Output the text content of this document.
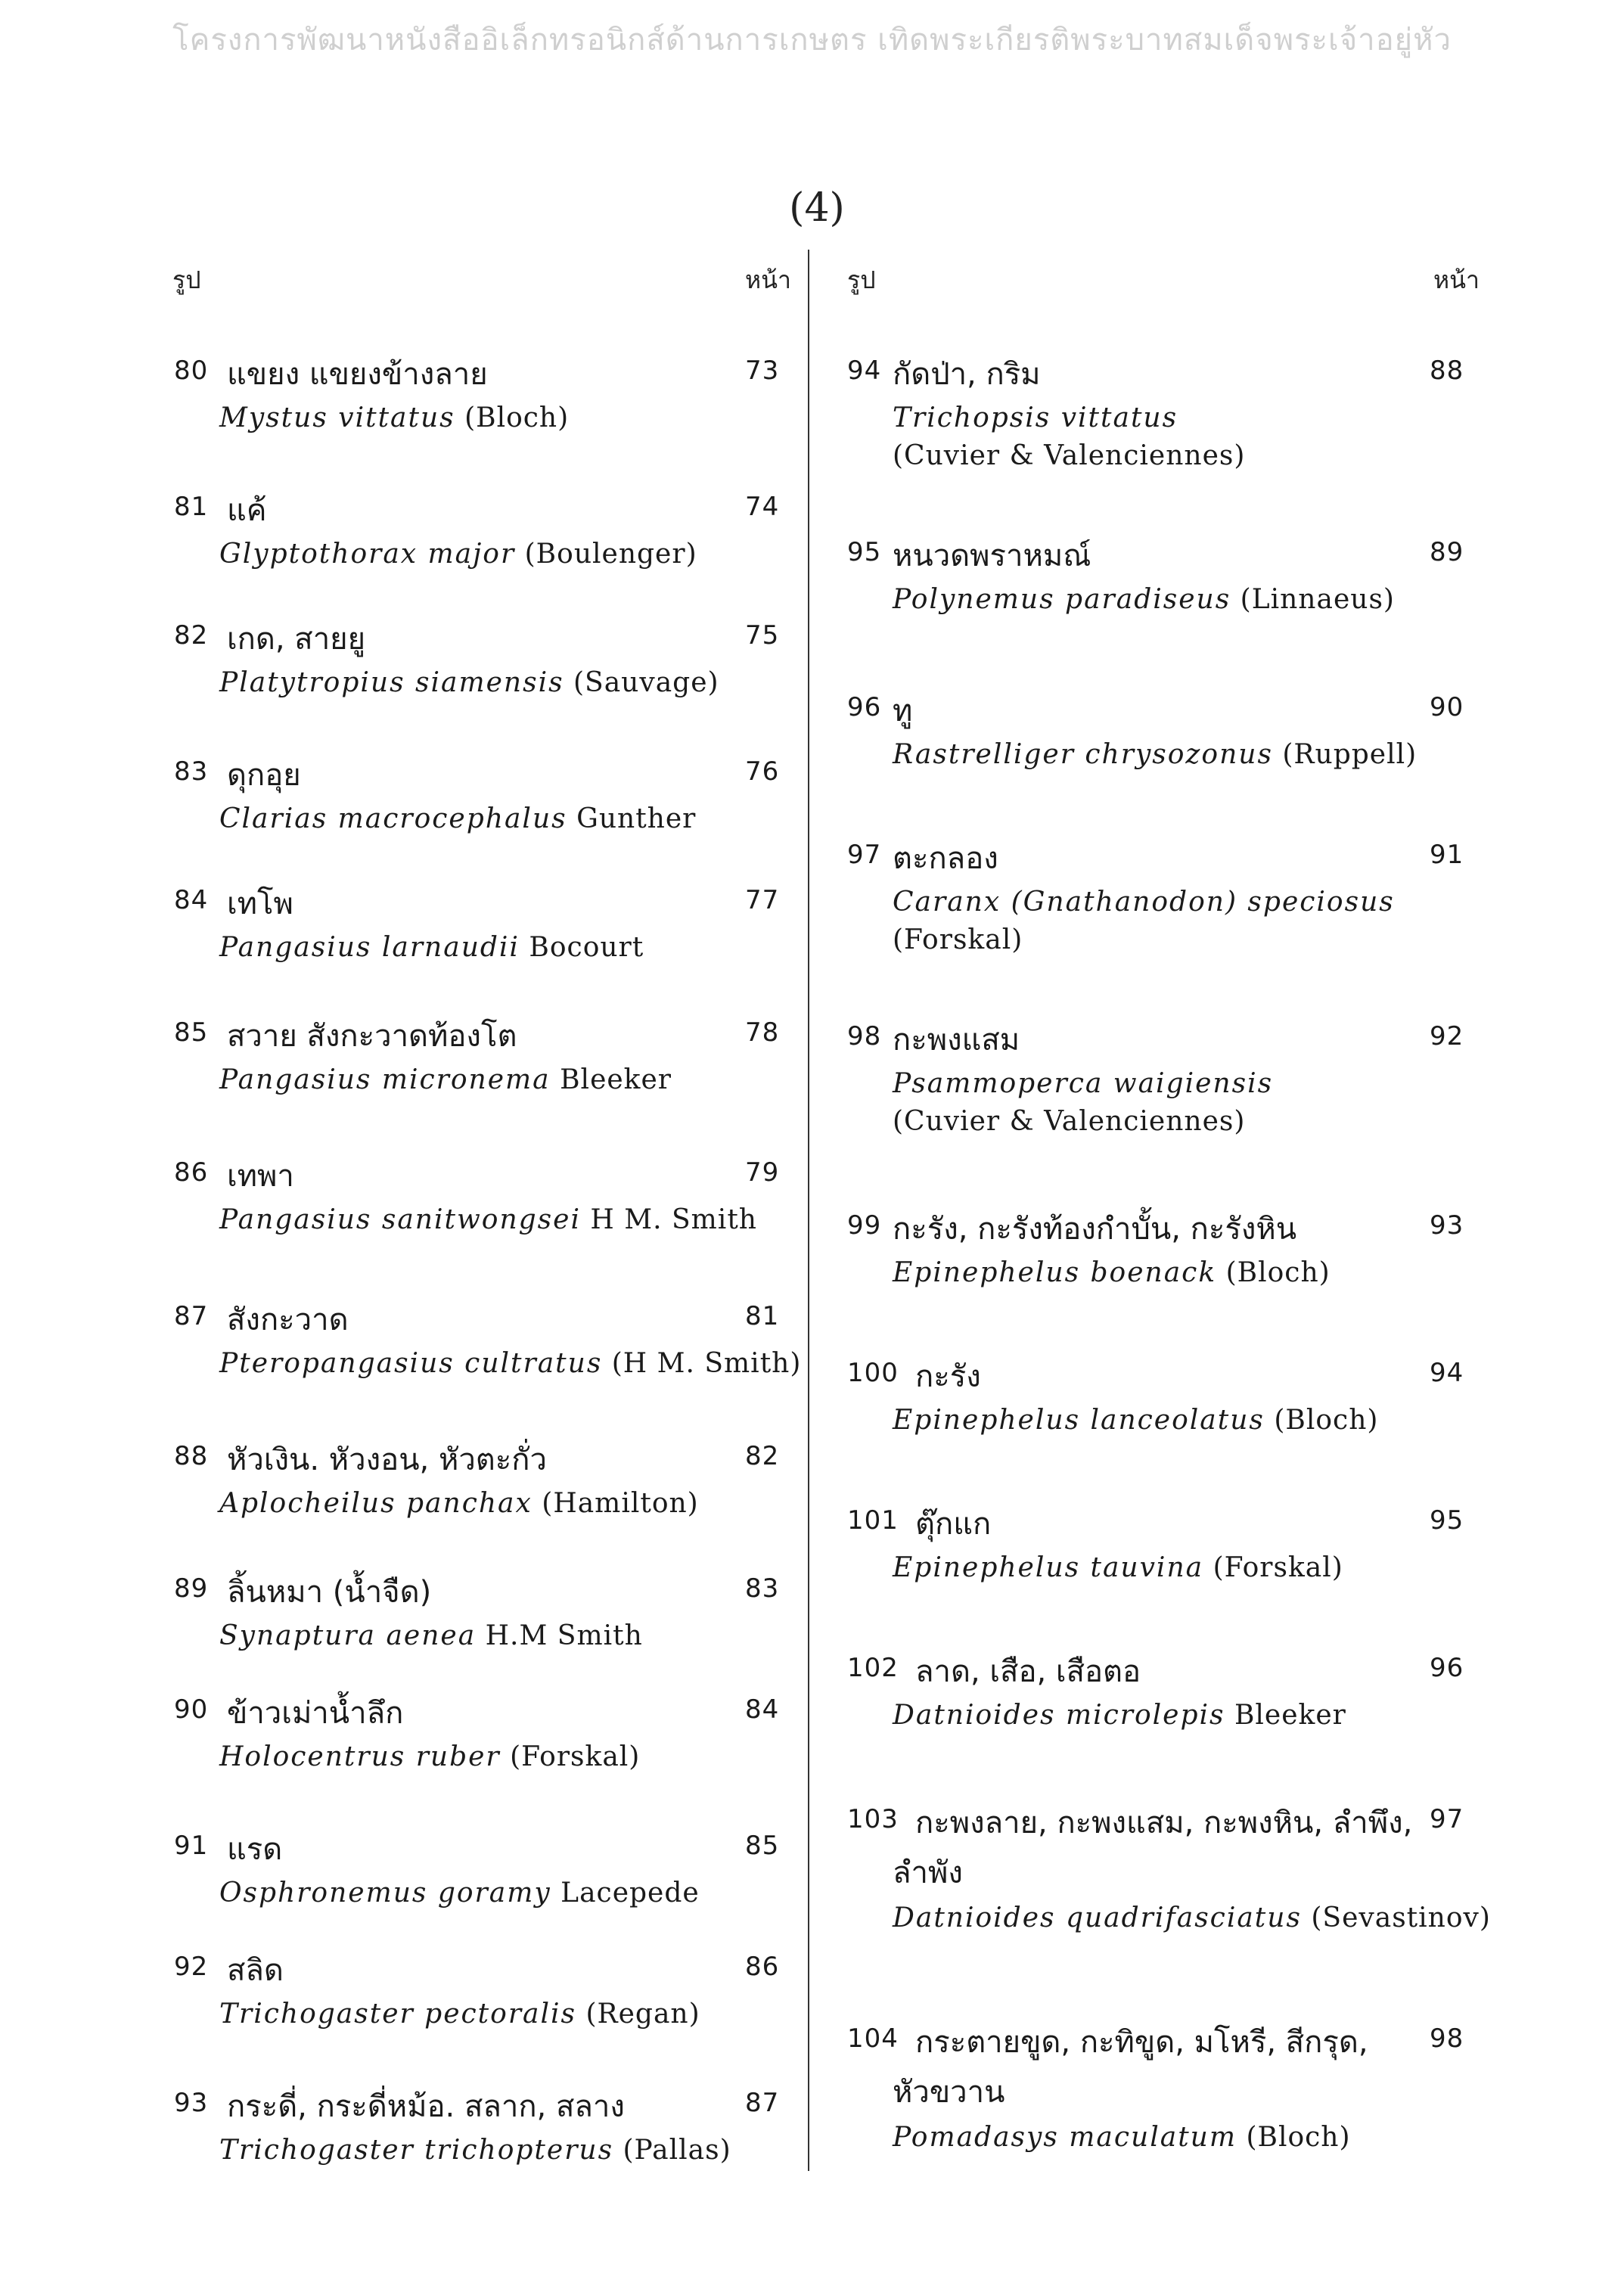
โครงการพัฒนาหนังสืออิเล็กทรอนิกส์ด้านการเกษตร เทิดพระเกียรติพระบาทสมเด็จพระเจ้าอยู่หัว
(4)
รูป	หน้า รูป	หน้า
80 แขยง แขยงข้างลาย	73
Mystus vittatus (Bloch)
81 แค้	74
Glyptothorax major (Boulenger)
82 เกด, สายยู	75
Platytropius siamensis (Sauvage)
83 ดุกอุย	76
Clarias macrocephalus Gunther
84 เทโพ	77
Pangasius larnaudii Bocourt
85 สวาย สังกะวาดท้องโต	78
Pangasius micronema Bleeker
86 เทพา	79
Pangasius sanitwongsei H M. Smith
87 สังกะวาด	81
Pteropangasius cultratus (H M. Smith)
88 หัวเงิน. หัวงอน, หัวตะกั่ว	82
Aplocheilus panchax (Hamilton)
89 ลิ้นหมา (น้ำจืด)	83
Synaptura aenea H.M Smith
90 ข้าวเม่าน้ำลึก	84
Holocentrus ruber (Forskal)
91 แรด	85
Osphronemus goramy Lacepede
92 สลิด	86
Trichogaster pectoralis (Regan)
93 กระดี่, กระดี่หม้อ. สลาก, สลาง	87
Trichogaster trichopterus (Pallas)
94 กัดป่า, กริม	88
Trichopsis vittatus
(Cuvier & Valenciennes)
95 หนวดพราหมณ์	89
Polynemus paradiseus (Linnaeus)
96 ทู	90
Rastrelliger chrysozonus (Ruppell)
97 ตะกลอง	91
Caranx (Gnathanodon) speciosus
(Forskal)
98 กะพงแสม	92
Psammoperca waigiensis
(Cuvier & Valenciennes)
99 กะรัง, กะรังท้องกำบั้น, กะรังหิน	93
Epinephelus boenack (Bloch)
100 กะรัง	94
Epinephelus lanceolatus (Bloch)
101 ตุ๊กแก	95
Epinephelus tauvina (Forskal)
102 ลาด, เสือ, เสือตอ	96
Datnioides microlepis Bleeker
103 กะพงลาย, กะพงแสม, กะพงหิน, ลำพึง, 97
ลำพัง
Datnioides quadrifasciatus (Sevastinov)
104 กระตายขูด, กะทิขูด, มโหรี, สีกรุด, 98
หัวขวาน
Pomadasys maculatum (Bloch)
